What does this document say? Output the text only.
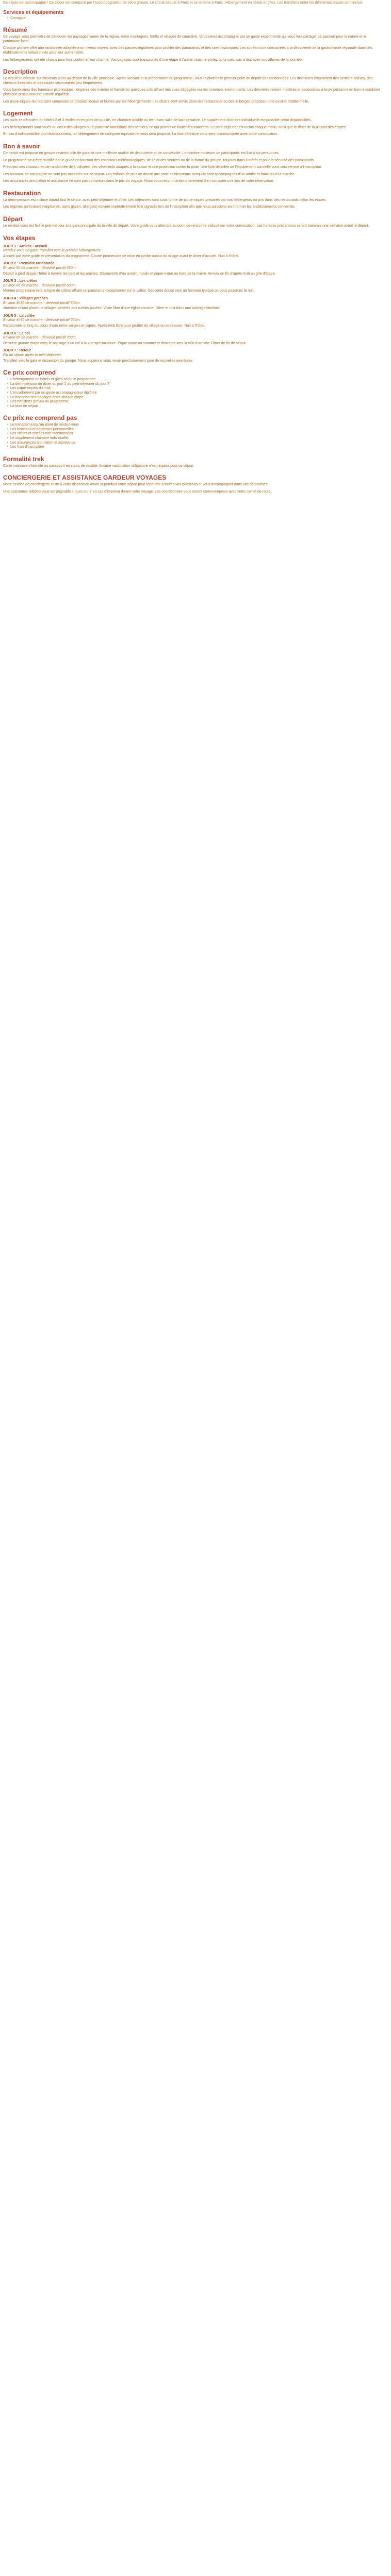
Ce séjour est accompagné / Ce séjour est composé par l’accompagnateur de votre groupe. Le circuit débute à Paris et se termine à Paris. Hébergement en hôtels et gîtes. Les transferts entre les différentes étapes sont inclus.

Services et équipements
• Consigne
Résumé

Ce voyage vous permettra de découvrir les paysages variés de la région, entre montagnes, forêts et villages de caractère. Vous serez accompagné par un guide expérimenté qui vous fera partager sa passion pour la nature et le patrimoine local.

Chaque journée offre une randonnée adaptée à un niveau moyen, avec des pauses régulières pour profiter des panoramas et des sites historiques. Les soirées sont consacrées à la découverte de la gastronomie régionale dans des établissements sélectionnés pour leur authenticité.

Les hébergements ont été choisis pour leur confort et leur charme. Vos bagages sont transportés d’une étape à l’autre, vous ne portez qu’un petit sac à dos avec vos affaires de la journée.

Description

Le circuit se déroule sur plusieurs jours au départ de la ville principale. Après l’accueil et la présentation du programme, vous rejoindrez le premier point de départ des randonnées. Les itinéraires empruntent des sentiers balisés, des chemins forestiers et des routes secondaires peu fréquentées.

Vous traverserez des hameaux pittoresques, longerez des rivières et franchirez quelques cols offrant des vues dégagées sur les sommets environnants. Les dénivelés restent modérés et accessibles à toute personne en bonne condition physique pratiquant une activité régulière.

Les pique-niques du midi sont composés de produits locaux et fournis par les hébergements. Les dîners sont servis dans des restaurants ou des auberges proposant une cuisine traditionnelle.

Logement

Les nuits se déroulent en hôtels 2 et 3 étoiles et en gîtes de qualité, en chambre double ou twin avec salle de bain privative. Le supplément chambre individuelle est possible selon disponibilités.

Les hébergements sont situés au cœur des villages ou à proximité immédiate des sentiers, ce qui permet de limiter les transferts. Le petit-déjeuner est inclus chaque matin, ainsi que le dîner de la plupart des étapes.

En cas d’indisponibilité d’un établissement, un hébergement de catégorie équivalente vous sera proposé. La liste définitive vous sera communiquée avec votre convocation.

Bon à savoir

Ce circuit est proposé en groupe restreint afin de garantir une meilleure qualité de découverte et de convivialité. Le nombre minimum de participants est fixé à six personnes.

Le programme peut être modifié par le guide en fonction des conditions météorologiques, de l’état des sentiers ou de la forme du groupe, toujours dans l’intérêt et pour la sécurité des participants.

Prévoyez des chaussures de randonnée déjà utilisées, des vêtements adaptés à la saison et une protection contre la pluie. Une liste détaillée de l’équipement conseillé vous sera remise à l’inscription.

Les animaux de compagnie ne sont pas acceptés sur ce séjour. Les enfants de plus de douze ans sont les bienvenus lorsqu’ils sont accompagnés d’un adulte et habitués à la marche.

Les assurances annulation et assistance ne sont pas comprises dans le prix du voyage. Nous vous recommandons vivement d’en souscrire une lors de votre réservation.

Restauration

La demi-pension est incluse durant tout le séjour, avec petit-déjeuner et dîner. Les déjeuners sont sous forme de pique-niques préparés par nos hébergeurs ou pris dans des restaurants selon les étapes.

Les régimes particuliers (végétarien, sans gluten, allergies) doivent impérativement être signalés lors de l’inscription afin que nous puissions en informer les établissements concernés.

Départ

Le rendez-vous est fixé le premier jour à la gare principale de la ville de départ. Votre guide vous attendra au point de rencontre indiqué sur votre convocation. Les horaires précis vous seront transmis une semaine avant le départ.

Vos étapes
JOUR 1 : Arrivée - accueil
Rendez-vous en gare, transfert vers le premier hébergement.

Accueil par votre guide et présentation du programme. Courte promenade de mise en jambe autour du village avant le dîner d’accueil. Nuit à l’hôtel.

JOUR 2 : Première randonnée
Environ 5h de marche - dénivelé positif 450m.

Départ à pied depuis l’hôtel à travers les bois et les prairies. Découverte d’un ancien moulin et pique-nique au bord de la rivière. Arrivée en fin d’après-midi au gîte d’étape.

JOUR 3 : Les crêtes
Environ 6h de marche - dénivelé positif 600m.

Montée progressive vers la ligne de crêtes offrant un panorama exceptionnel sur la vallée. Descente douce vers un hameau typique où vous passerez la nuit.

JOUR 4 : Villages perchés
Environ 5h30 de marche - dénivelé positif 500m.

Itinéraire reliant plusieurs villages perchés aux ruelles pavées. Visite libre d’une église romane. Dîner et nuit dans une auberge familiale.

JOUR 5 : La vallée
Environ 4h30 de marche - dénivelé positif 350m.

Randonnée le long du cours d’eau entre vergers et vignes. Après-midi libre pour profiter du village ou se reposer. Nuit à l’hôtel.

JOUR 6 : Le col
Environ 6h de marche - dénivelé positif 700m.

Dernière grande étape avec le passage d’un col à la vue spectaculaire. Pique-nique au sommet et descente vers la ville d’arrivée. Dîner de fin de séjour.

JOUR 7 : Retour
Fin du séjour après le petit-déjeuner.

Transfert vers la gare et dispersion du groupe. Nous espérons vous revoir prochainement pour de nouvelles aventures.

Ce prix comprend
• L’hébergement en hôtels et gîtes selon le programme
• La demi-pension du dîner du jour 1 au petit-déjeuner du jour 7
• Les pique-niques du midi
• L’encadrement par un guide accompagnateur diplômé
• Le transport des bagages entre chaque étape
• Les transferts prévus au programme
• La taxe de séjour
Ce prix ne comprend pas
• Le transport jusqu’au point de rendez-vous
• Les boissons et dépenses personnelles
• Les visites et entrées non mentionnées
• Le supplément chambre individuelle
• Les assurances annulation et assistance
• Les frais d’inscription
Formalité trek

Carte nationale d’identité ou passeport en cours de validité. Aucune vaccination obligatoire n’est requise pour ce séjour.

CONCIERGERIE ET ASSISTANCE GARDEUR VOYAGES

Notre service de conciergerie reste à votre disposition avant et pendant votre séjour pour répondre à toutes vos questions et vous accompagner dans vos démarches.

Une assistance téléphonique est joignable 7 jours sur 7 en cas d’imprévu durant votre voyage. Les coordonnées vous seront communiquées avec votre carnet de route.
